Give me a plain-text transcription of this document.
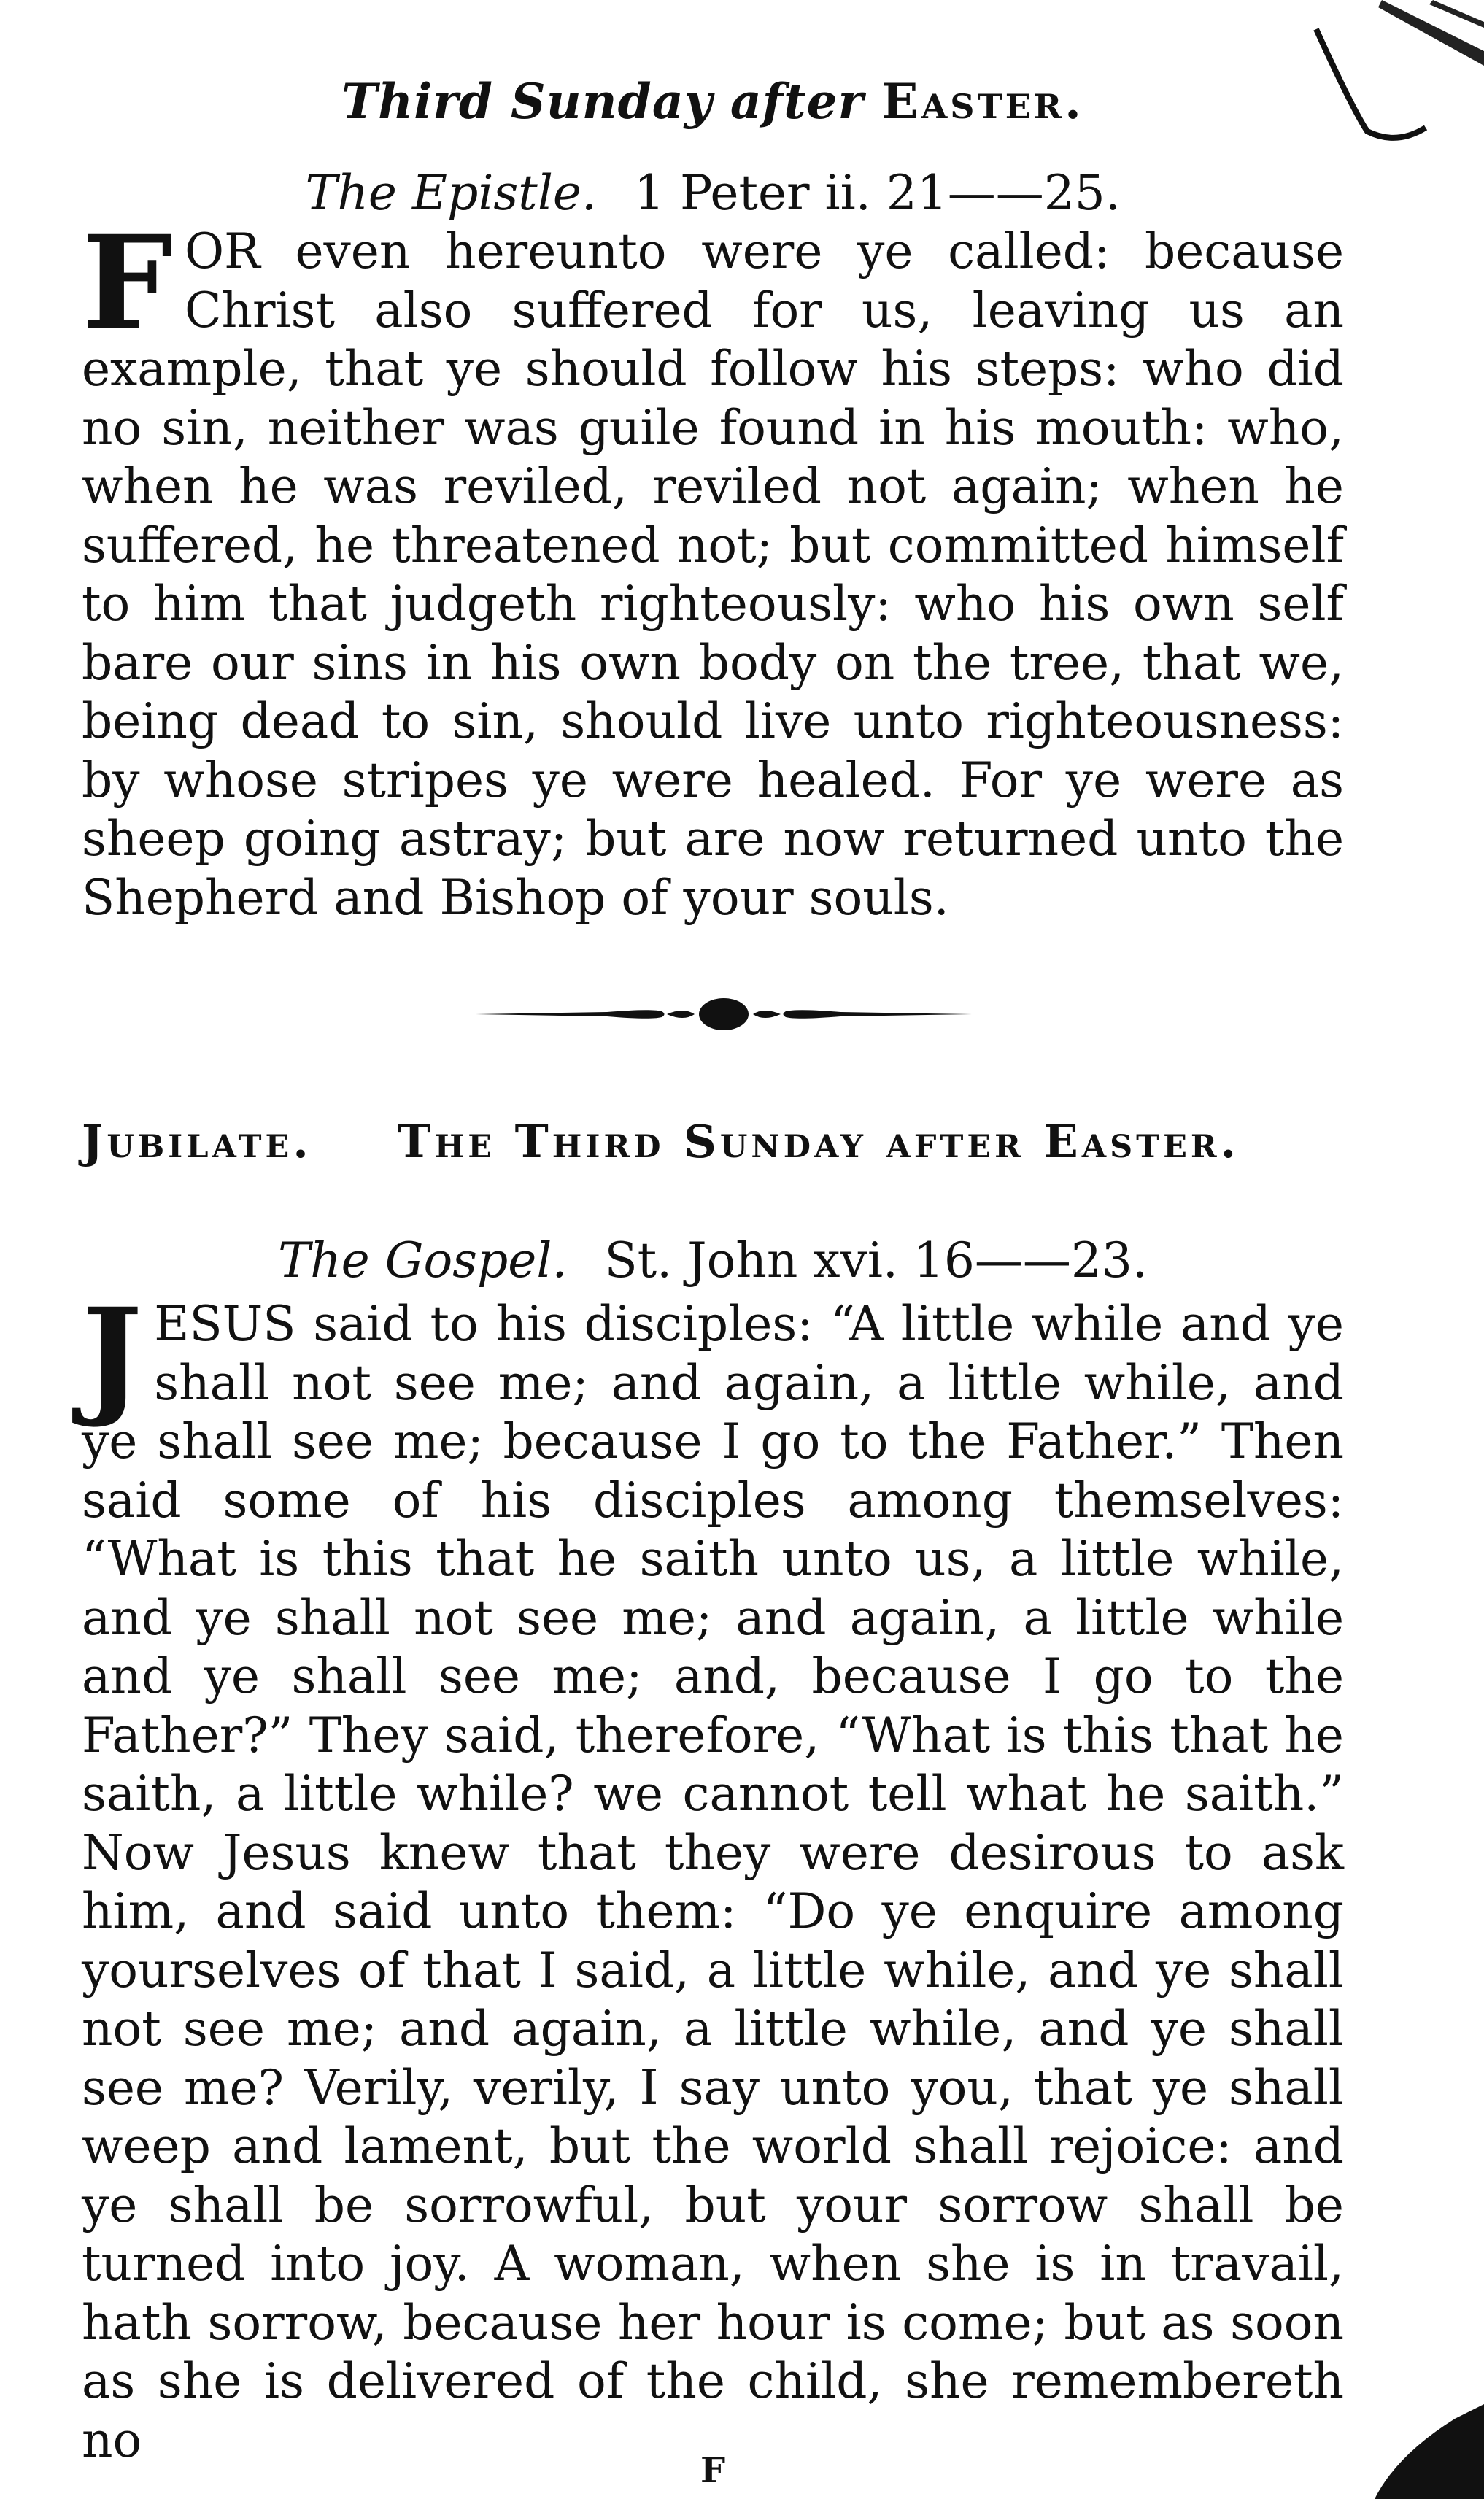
Third Sunday after Easter.
The Epistle. 1 Peter ii. 21——25.
F OR even hereunto were ye called: because Christ also suffered for us, leaving us an example, that ye should follow his steps: who did no sin, neither was guile found in his mouth: who, when he was reviled, reviled not again; when he suffered, he threatened not; but committed himself to him that judgeth righteously: who his own self bare our sins in his own body on the tree, that we, being dead to sin, should live unto righteousness: by whose stripes ye were healed. For ye were as sheep going astray; but are now returned unto the Shepherd and Bishop of your souls.
Jubilate. The Third Sunday after Easter.
The Gospel. St. John xvi. 16——23.
J ESUS said to his disciples: “A little while and ye shall not see me; and again, a little while, and ye shall see me; because I go to the Father.” Then said some of his disciples among themselves: “What is this that he saith unto us, a little while, and ye shall not see me; and again, a little while and ye shall see me; and, because I go to the Father?” They said, therefore, “What is this that he saith, a little while? we cannot tell what he saith.” Now Jesus knew that they were desirous to ask him, and said unto them: “Do ye enquire among yourselves of that I said, a little while, and ye shall not see me; and again, a little while, and ye shall see me? Verily, verily, I say unto you, that ye shall weep and lament, but the world shall rejoice: and ye shall be sorrowful, but your sorrow shall be turned into joy. A woman, when she is in travail, hath sorrow, because her hour is come; but as soon as she is delivered of the child, she remembereth no
F
